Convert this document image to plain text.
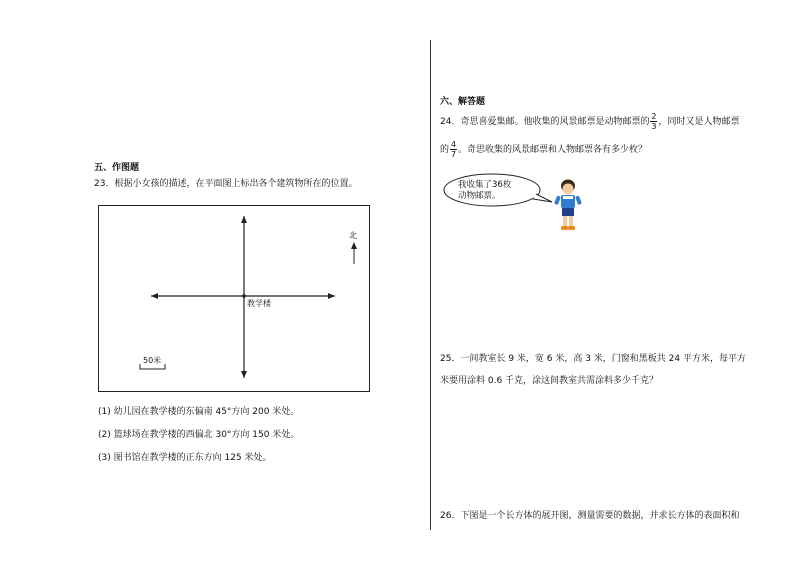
五、作图题
23．根据小女孩的描述，在平面图上标出各个建筑物所在的位置。
教学楼
北
50米
(1) 幼儿园在教学楼的东偏南 45°方向 200 米处。
(2) 篮球场在教学楼的西偏北 30°方向 150 米处。
(3) 图书馆在教学楼的正东方向 125 米处。
六、解答题
24．奇思喜爱集邮。他收集的风景邮票是动物邮票的 $\frac{2}{3}$ ，同时又是人物邮票
的 $\frac{4}{7}$ 。奇思收集的风景邮票和人物邮票各有多少枚？
我收集了36枚
动物邮票。
25．一间教室长 9 米，宽 6 米，高 3 米，门窗和黑板共 24 平方米，每平方
米要用涂料 0.6 千克，涂这间教室共需涂料多少千克？
26．下图是一个长方体的展开图，测量需要的数据，并求长方体的表面积和
